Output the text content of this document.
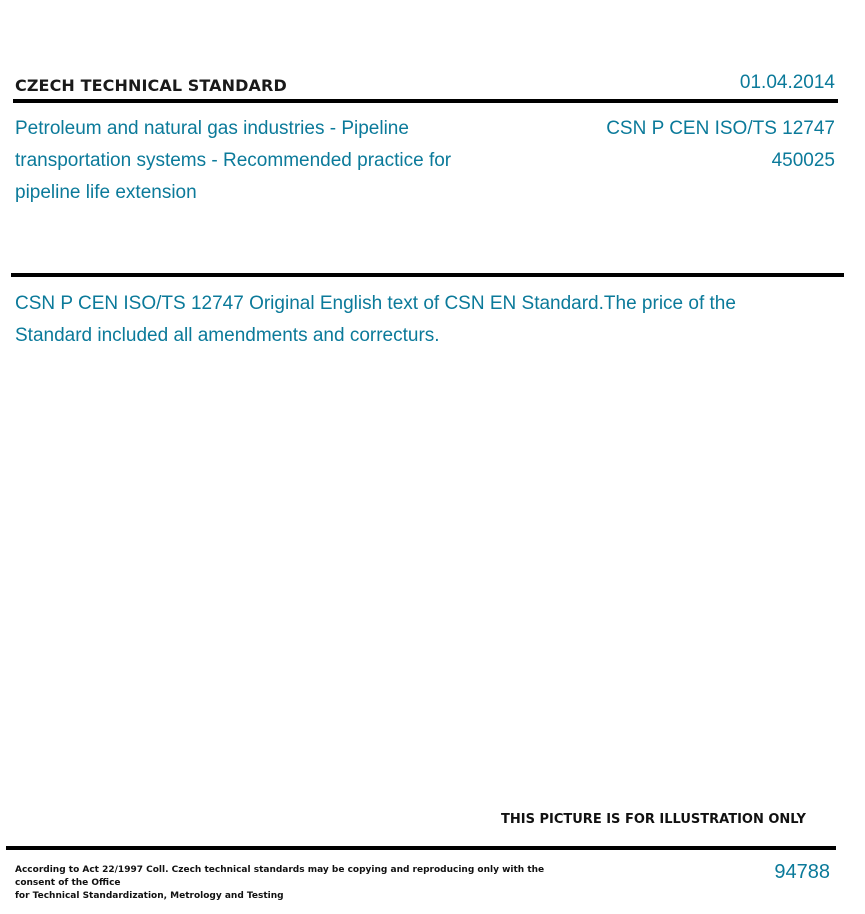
CZECH TECHNICAL STANDARD	01.04.2014
Petroleum and natural gas industries - Pipeline transportation systems - Recommended practice for pipeline life extension
CSN P CEN ISO/TS 12747
450025
CSN P CEN ISO/TS 12747 Original English text of CSN EN Standard.The price of the Standard included all amendments and correcturs.
THIS PICTURE IS FOR ILLUSTRATION ONLY
According to Act 22/1997 Coll. Czech technical standards may be copying and reproducing only with the consent of the Office
for Technical Standardization, Metrology and Testing
94788
